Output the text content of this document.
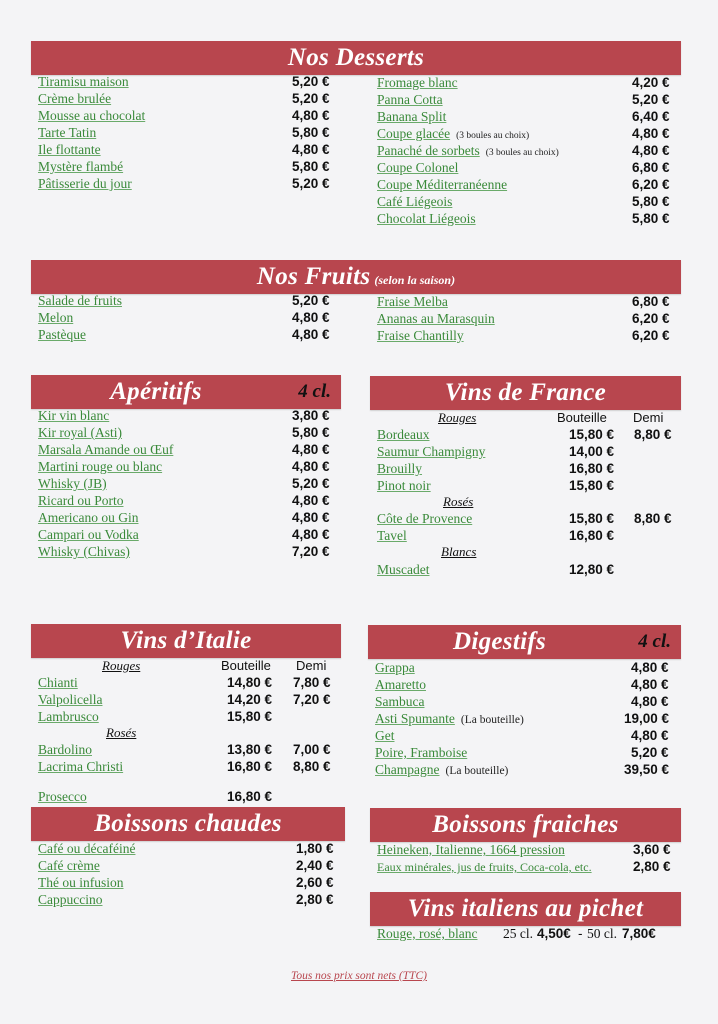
Nos Desserts
Tiramisu maison	5,20 €
Crème brulée	5,20 €
Mousse au chocolat	4,80 €
Tarte Tatin	5,80 €
Ile flottante	4,80 €
Mystère flambé	5,80 €
Pâtisserie du jour	5,20 €
Fromage blanc	4,20 €
Panna Cotta	5,20 €
Banana Split	6,40 €
Coupe glacée (3 boules au choix)	4,80 €
Panaché de sorbets (3 boules au choix)	4,80 €
Coupe Colonel	6,80 €
Coupe Méditerranéenne	6,20 €
Café Liégeois	5,80 €
Chocolat Liégeois	5,80 €
Nos Fruits (selon la saison)
Salade de fruits	5,20 €
Melon	4,80 €
Pastèque	4,80 €
Fraise Melba	6,80 €
Ananas au Marasquin	6,20 €
Fraise Chantilly	6,20 €
Apéritifs	4 cl.
Kir vin blanc	3,80 €
Kir royal (Asti)	5,80 €
Marsala Amande ou Œuf	4,80 €
Martini rouge ou blanc	4,80 €
Whisky (JB)	5,20 €
Ricard ou Porto	4,80 €
Americano ou Gin	4,80 €
Campari ou Vodka	4,80 €
Whisky (Chivas)	7,20 €
Vins de France
Rouges	Bouteille Demi
Bordeaux	15,80 € 8,80 €
Saumur Champigny	14,00 €
Brouilly	16,80 €
Pinot noir	15,80 €
Rosés
Côte de Provence	15,80 € 8,80 €
Tavel	16,80 €
Blancs
Muscadet	12,80 €
Vins d’Italie
Rouges	Bouteille Demi
Chianti	14,80 € 7,80 €
Valpolicella	14,20 € 7,20 €
Lambrusco	15,80 €
Rosés
Bardolino	13,80 € 7,00 €
Lacrima Christi	16,80 € 8,80 €
Prosecco	16,80 €
Digestifs	4 cl.
Grappa	4,80 €
Amaretto	4,80 €
Sambuca	4,80 €
Asti Spumante (La bouteille)	19,00 €
Get	4,80 €
Poire, Framboise	5,20 €
Champagne (La bouteille)	39,50 €
Boissons chaudes
Café ou décaféiné	1,80 €
Café crème	2,40 €
Thé ou infusion	2,60 €
Cappuccino	2,80 €
Boissons fraiches
Heineken, Italienne, 1664 pression	3,60 €
Eaux minérales, jus de fruits, Coca-cola, etc.	2,80 €
Vins italiens au pichet
Rouge, rosé, blanc 25 cl. 4,50€ - 50 cl. 7,80€
Tous nos prix sont nets (TTC)
